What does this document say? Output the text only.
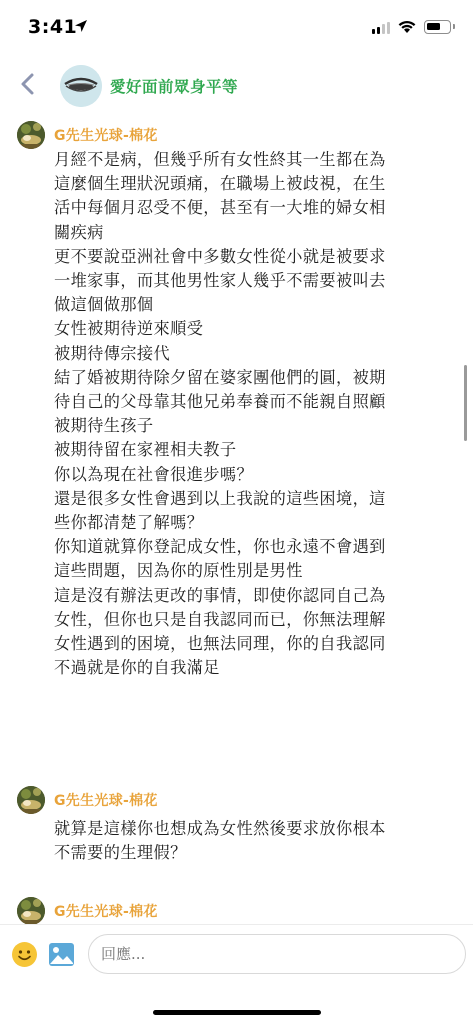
3:41
愛好面前眾身平等
G先生光球-棉花
月經不是病，但幾乎所有女性終其一生都在為
這麼個生理狀況頭痛，在職場上被歧視，在生
活中每個月忍受不便，甚至有一大堆的婦女相
關疾病
更不要說亞洲社會中多數女性從小就是被要求
一堆家事，而其他男性家人幾乎不需要被叫去
做這個做那個
女性被期待逆來順受
被期待傳宗接代
結了婚被期待除夕留在婆家團他們的圓，被期
待自己的父母靠其他兄弟奉養而不能親自照顧
被期待生孩子
被期待留在家裡相夫教子
你以為現在社會很進步嗎？
還是很多女性會遇到以上我說的這些困境，這
些你都清楚了解嗎？
你知道就算你登記成女性，你也永遠不會遇到
這些問題，因為你的原性別是男性
這是沒有辦法更改的事情，即使你認同自己為
女性，但你也只是自我認同而已，你無法理解
女性遇到的困境，也無法同理，你的自我認同
不過就是你的自我滿足
G先生光球-棉花
就算是這樣你也想成為女性然後要求放你根本
不需要的生理假？
G先生光球-棉花
回應...
